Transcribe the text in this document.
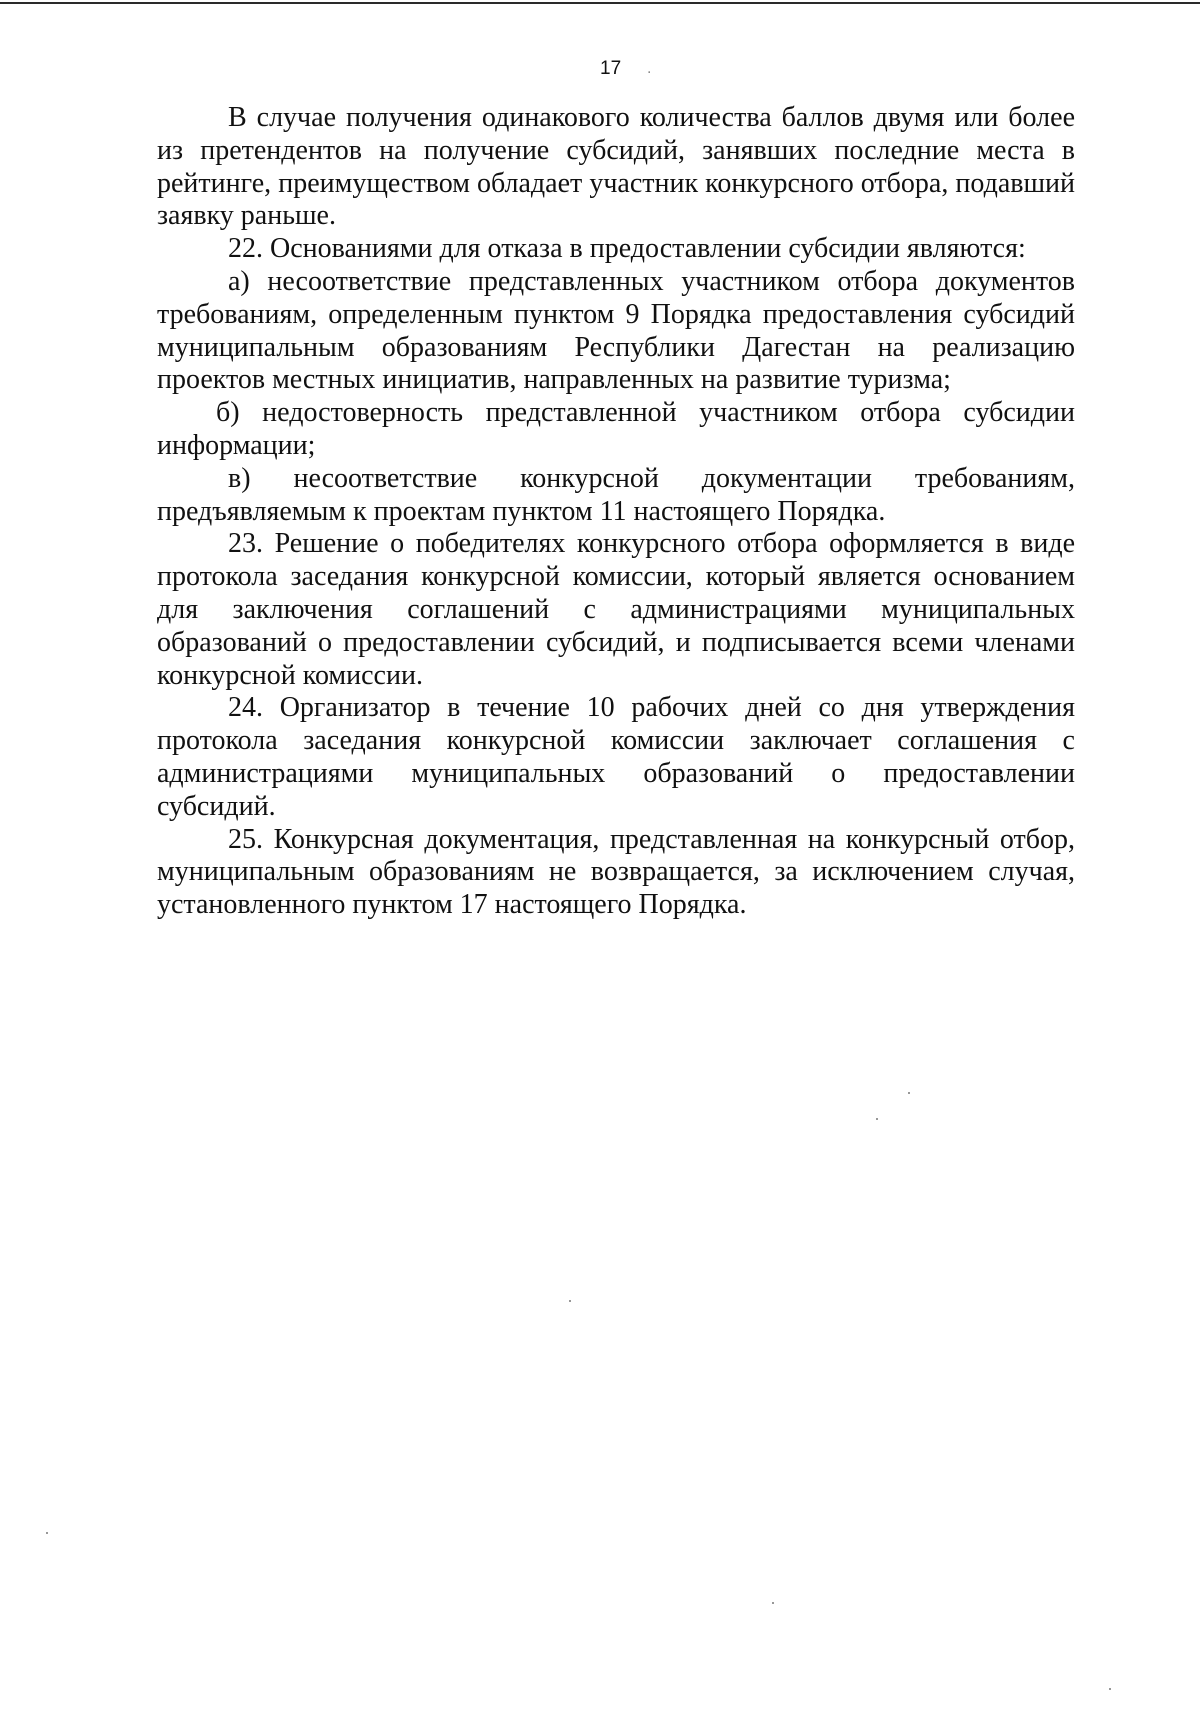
17 .

В случае получения одинакового количества баллов двумя или более из претендентов на получение субсидий, занявших последние места в рейтинге, преимуществом обладает участник конкурсного отбора, подавший заявку раньше.

22. Основаниями для отказа в предоставлении субсидии являются:

а) несоответствие представленных участником отбора документов требованиям, определенным пунктом 9 Порядка предоставления субсидий муниципальным образованиям Республики Дагестан на реализацию проектов местных инициатив, направленных на развитие туризма;

б) недостоверность представленной участником отбора субсидии информации;

в) несоответствие конкурсной документации требованиям, предъявляемым к проектам пунктом 11 настоящего Порядка.

23. Решение о победителях конкурсного отбора оформляется в виде протокола заседания конкурсной комиссии, который является основанием для заключения соглашений с администрациями муниципальных образований о предоставлении субсидий, и подписывается всеми членами конкурсной комиссии.

24. Организатор в течение 10 рабочих дней со дня утверждения протокола заседания конкурсной комиссии заключает соглашения с администрациями муниципальных образований о предоставлении субсидий.

25. Конкурсная документация, представленная на конкурсный отбор, муниципальным образованиям не возвращается, за исключением случая, установленного пунктом 17 настоящего Порядка.
